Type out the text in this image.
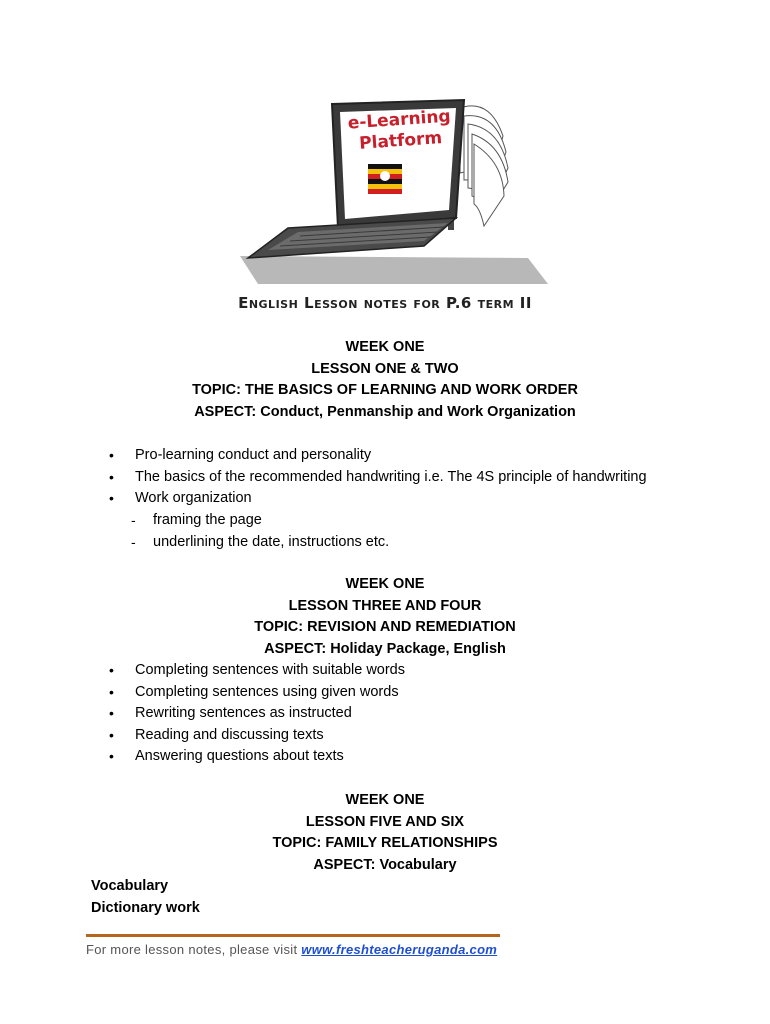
e-Learning
Platform
English Lesson notes for P.6 term II
WEEK ONE
LESSON ONE & TWO
TOPIC: THE BASICS OF LEARNING AND WORK ORDER
ASPECT: Conduct, Penmanship and Work Organization
• Pro-learning conduct and personality
• The basics of the recommended handwriting i.e. The 4S principle of handwriting
• Work organization
- framing the page
- underlining the date, instructions etc.
WEEK ONE
LESSON THREE AND FOUR
TOPIC: REVISION AND REMEDIATION
ASPECT: Holiday Package, English
• Completing sentences with suitable words
• Completing sentences using given words
• Rewriting sentences as instructed
• Reading and discussing texts
• Answering questions about texts
WEEK ONE
LESSON FIVE AND SIX
TOPIC: FAMILY RELATIONSHIPS
ASPECT: Vocabulary
Vocabulary
Dictionary work
For more lesson notes, please visit www.freshteacheruganda.com
